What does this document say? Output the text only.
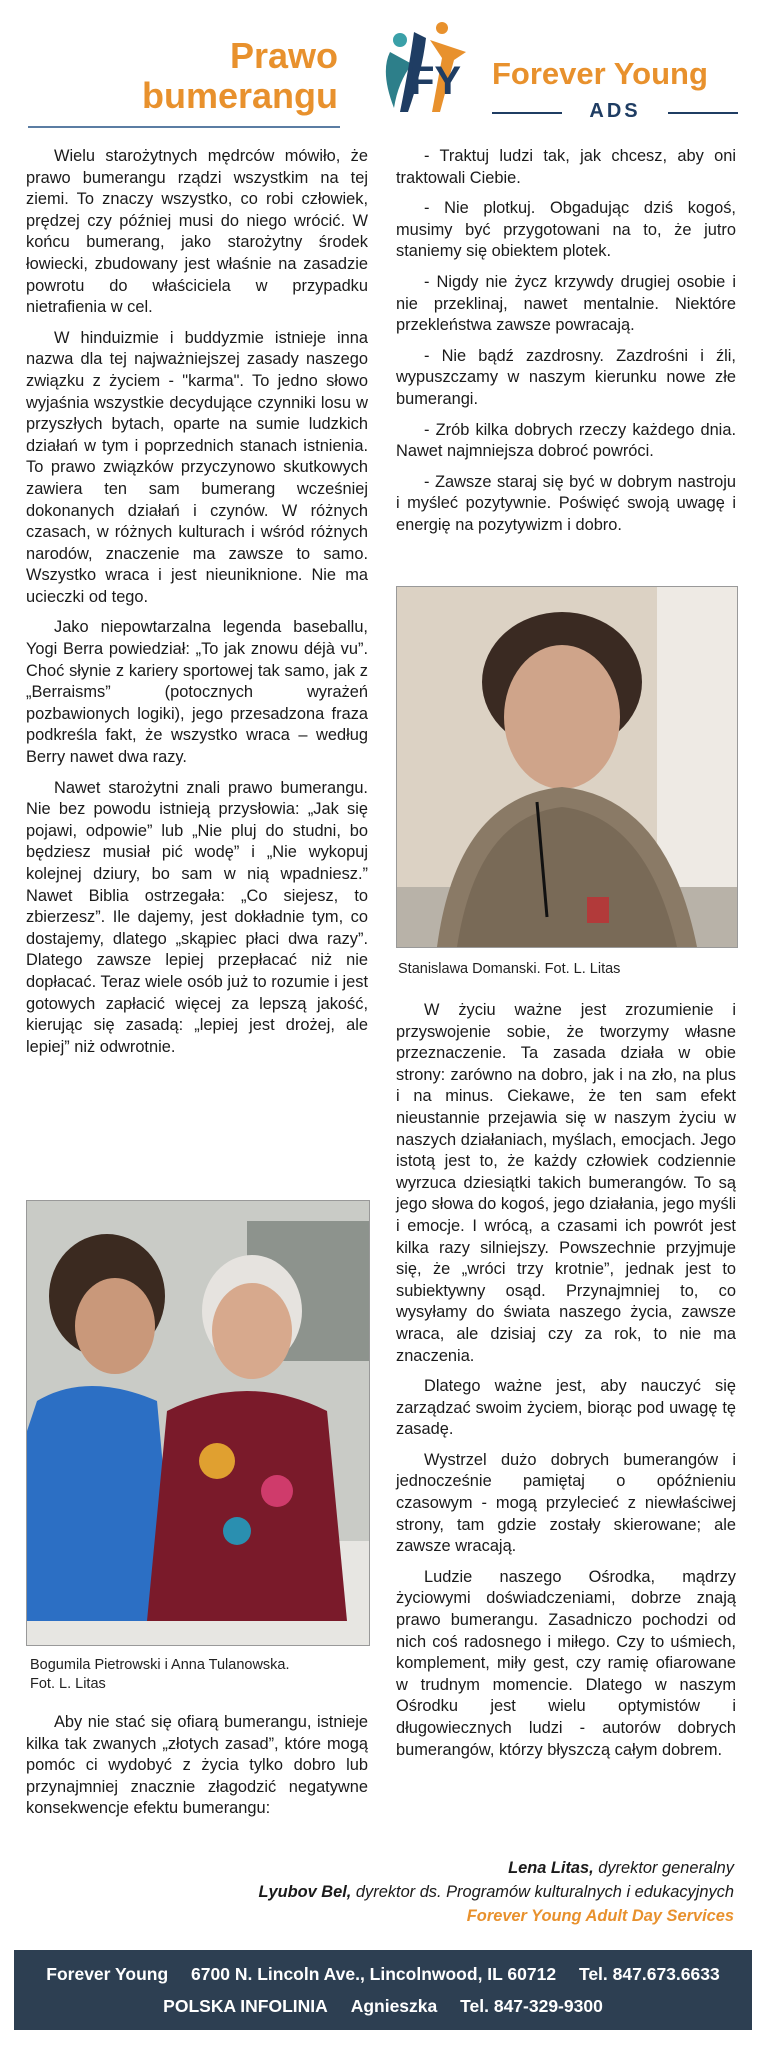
Prawo
bumerangu FY Forever Young
ADS

Wielu starożytnych mędrców mówiło, że prawo bumerangu rządzi wszystkim na tej ziemi. To znaczy wszystko, co robi człowiek, prędzej czy później musi do niego wrócić. W końcu bumerang, jako starożytny środek łowiecki, zbudowany jest właśnie na zasadzie powrotu do właściciela w przypadku nietrafienia w cel.

W hinduizmie i buddyzmie istnieje inna nazwa dla tej najważniejszej zasady naszego związku z życiem - "karma". To jedno słowo wyjaśnia wszystkie decydujące czynniki losu w przyszłych bytach, oparte na sumie ludzkich działań w tym i poprzednich stanach istnienia. To prawo związków przyczynowo skutkowych zawiera ten sam bumerang wcześniej dokonanych działań i czynów. W różnych czasach, w różnych kulturach i wśród różnych narodów, znaczenie ma zawsze to samo. Wszystko wraca i jest nieuniknione. Nie ma ucieczki od tego.

Jako niepowtarzalna legenda baseballu, Yogi Berra powiedział: „To jak znowu déjà vu”. Choć słynie z kariery sportowej tak samo, jak z „Berraisms” (potocznych wyrażeń pozbawionych logiki), jego przesadzona fraza podkreśla fakt, że wszystko wraca – według Berry nawet dwa razy.

Nawet starożytni znali prawo bumerangu. Nie bez powodu istnieją przysłowia: „Jak się pojawi, odpowie” lub „Nie pluj do studni, bo będziesz musiał pić wodę” i „Nie wykopuj kolejnej dziury, bo sam w nią wpadniesz.” Nawet Biblia ostrzegała: „Co siejesz, to zbierzesz”. Ile dajemy, jest dokładnie tym, co dostajemy, dlatego „skąpiec płaci dwa razy”. Dlatego zawsze lepiej przepłacać niż nie dopłacać. Teraz wiele osób już to rozumie i jest gotowych zapłacić więcej za lepszą jakość, kierując się zasadą: „lepiej jest drożej, ale lepiej” niż odwrotnie.

Bogumila Pietrowski i Anna Tulanowska.
Fot. L. Litas

Aby nie stać się ofiarą bumerangu, istnieje kilka tak zwanych „złotych zasad”, które mogą pomóc ci wydobyć z życia tylko dobro lub przynajmniej znacznie złagodzić negatywne konsekwencje efektu bumerangu:

- Traktuj ludzi tak, jak chcesz, aby oni traktowali Ciebie.

- Nie plotkuj. Obgadując dziś kogoś, musimy być przygotowani na to, że jutro staniemy się obiektem plotek.

- Nigdy nie życz krzywdy drugiej osobie i nie przeklinaj, nawet mentalnie. Niektóre przekleństwa zawsze powracają.

- Nie bądź zazdrosny. Zazdrośni i źli, wypuszczamy w naszym kierunku nowe złe bumerangi.

- Zrób kilka dobrych rzeczy każdego dnia. Nawet najmniejsza dobroć powróci.

- Zawsze staraj się być w dobrym nastroju i myśleć pozytywnie. Poświęć swoją uwagę i energię na pozytywizm i dobro.

Stanislawa Domanski. Fot. L. Litas

W życiu ważne jest zrozumienie i przyswojenie sobie, że tworzymy własne przeznaczenie. Ta zasada działa w obie strony: zarówno na dobro, jak i na zło, na plus i na minus. Ciekawe, że ten sam efekt nieustannie przejawia się w naszym życiu w naszych działaniach, myślach, emocjach. Jego istotą jest to, że każdy człowiek codziennie wyrzuca dziesiątki takich bumerangów. To są jego słowa do kogoś, jego działania, jego myśli i emocje. I wrócą, a czasami ich powrót jest kilka razy silniejszy. Powszechnie przyjmuje się, że „wróci trzy krotnie”, jednak jest to subiektywny osąd. Przynajmniej to, co wysyłamy do świata naszego życia, zawsze wraca, ale dzisiaj czy za rok, to nie ma znaczenia.

Dlatego ważne jest, aby nauczyć się zarządzać swoim życiem, biorąc pod uwagę tę zasadę.

Wystrzel dużo dobrych bumerangów i jednocześnie pamiętaj o opóźnieniu czasowym - mogą przylecieć z niewłaściwej strony, tam gdzie zostały skierowane; ale zawsze wracają.

Ludzie naszego Ośrodka, mądrzy życiowymi doświadczeniami, dobrze znają prawo bumerangu. Zasadniczo pochodzi od nich coś radosnego i miłego. Czy to uśmiech, komplement, miły gest, czy ramię ofiarowane w trudnym momencie. Dlatego w naszym Ośrodku jest wielu optymistów i długowiecznych ludzi - autorów dobrych bumerangów, którzy błyszczą całym dobrem.

Lena Litas, dyrektor generalny
Lyubov Bel, dyrektor ds. Programów kulturalnych i edukacyjnych
Forever Young Adult Day Services
Forever Young 6700 N. Lincoln Ave., Lincolnwood, IL 60712 Tel. 847.673.6633
POLSKA INFOLINIA Agnieszka Tel. 847-329-9300
